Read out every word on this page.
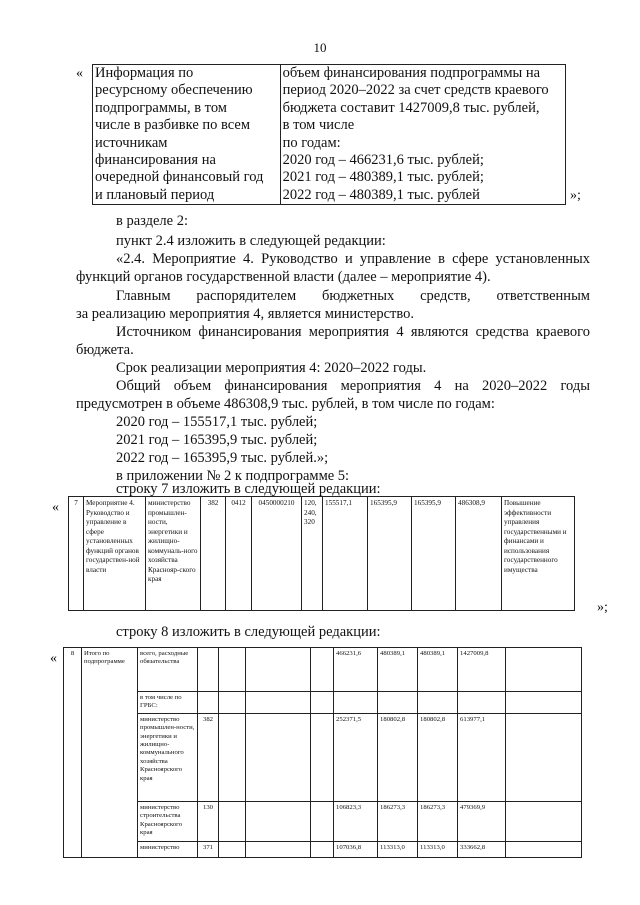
10
« Информация по
ресурсному обеспечению
подпрограммы, в том
числе в разбивке по всем
источникам
финансирования на
очередной финансовый год
и плановый период

объем финансирования подпрограммы на
период 2020–2022 за счет средств краевого
бюджета составит 1427009,8 тыс. рублей,
в том числе
по годам:
2020 год – 466231,6 тыс. рублей;
2021 год – 480389,1 тыс. рублей;
2022 год – 480389,1 тыс. рублей	»;
в разделе 2:
пункт 2.4 изложить в следующей редакции:
«2.4. Мероприятие 4. Руководство и управление в сфере установленных
функций органов государственной власти (далее – мероприятие 4).
Главным распорядителем бюджетных средств, ответственным
за реализацию мероприятия 4, является министерство.
Источником финансирования мероприятия 4 являются средства краевого
бюджета.
Срок реализации мероприятия 4: 2020–2022 годы.
Общий объем финансирования мероприятия 4 на 2020–2022 годы
предусмотрен в объеме 486308,9 тыс. рублей, в том числе по годам:
2020 год – 155517,1 тыс. рублей;
2021 год – 165395,9 тыс. рублей;
2022 год – 165395,9 тыс. рублей.»;
в приложении № 2 к подпрограмме 5:
строку 7 изложить в следующей редакции:
« 7	Мероприятие 4. Руководство и управление в сфере установленных функций органов государствен-ной власти	министерство промышлен-ности, энергетики и жилищно-коммуналь-ного хозяйства Краснояр-ского края	382	0412	0450000210	120, 240, 320	155517,1	165395,9	165395,9	486308,9	Повышение эффективности управления государственными и финансами и использования государственного имущества
»;
строку 8 изложить в следующей редакции:
« 8	Итого по подпрограмме	всего, расходные обязательства					466231,6	480389,1	480389,1	1427009,8	
		в том числе по ГРБС:									
		министерство промышлен-ности, энергетики и жилищно-коммунального хозяйства Красноярского края	382				252371,5	180802,8	180802,8	613977,1	
		министерство строительства Красноярского края	130				106823,3	186273,3	186273,3	479369,9	
		министерство	371				107036,8	113313,0	113313,0	333662,8	
